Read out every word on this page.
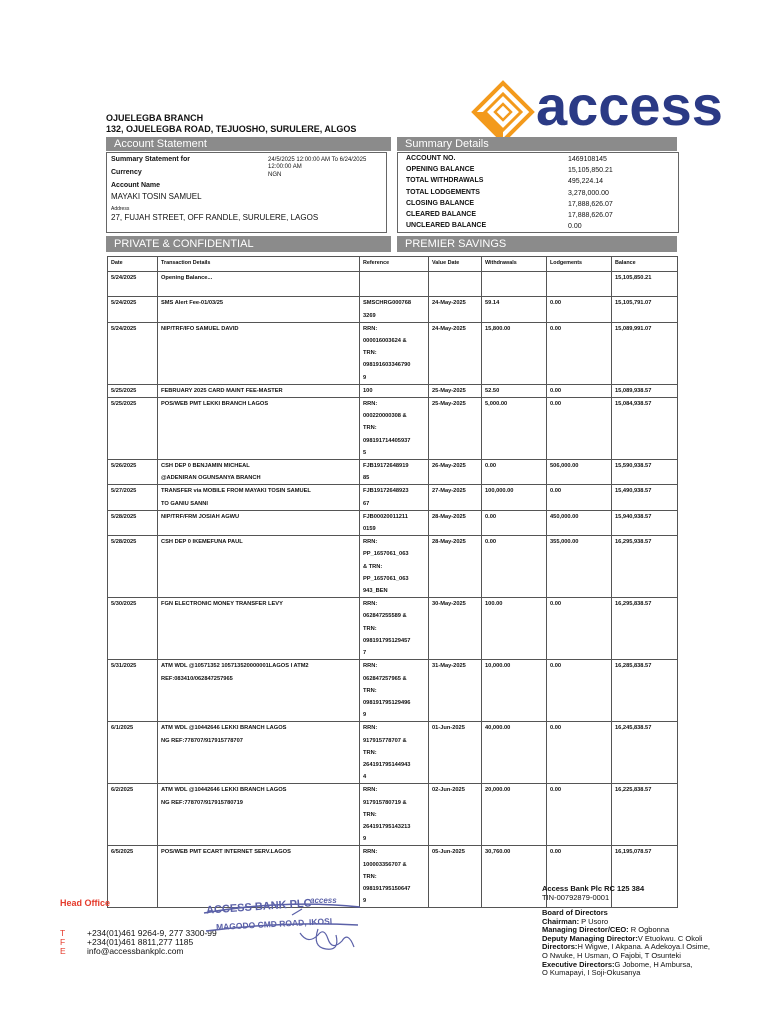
access
OJUELEGBA BRANCH
132, OJUELEGBA ROAD, TEJUOSHO, SURULERE, ALGOS
Account Statement
Summary Statement for	24/5/2025 12:00:00 AM To 6/24/2025 12:00:00 AM
Currency	NGN
Account Name
MAYAKI TOSIN SAMUEL
Address
27, FUJAH STREET, OFF RANDLE, SURULERE, LAGOS
Summary Details
ACCOUNT NO.	1469108145
OPENING BALANCE	15,105,850.21
TOTAL WITHDRAWALS	495,224.14
TOTAL LODGEMENTS	3,278,000.00
CLOSING BALANCE	17,888,626.07
CLEARED BALANCE	17,888,626.07
UNCLEARED BALANCE	0.00
PRIVATE & CONFIDENTIAL	PREMIER SAVINGS
Date	Transaction Details	Reference	Value Date	Withdrawals	Lodgements	Balance

5/24/2025	Opening Balance...					15,105,850.21

5/24/2025	SMS Alert Fee-01/03/25	SMSCHRG000768
3269	24-May-2025	59.14	0.00	15,105,791.07

5/24/2025	NIP/TRF/IFO SAMUEL DAVID	RRN:
000016003624 &
TRN:
098191603346790
9	24-May-2025	15,800.00	0.00	15,089,991.07

5/25/2025	FEBRUARY 2025 CARD MAINT FEE-MASTER	100	25-May-2025	52.50	0.00	15,089,938.57

5/25/2025	POS/WEB PMT LEKKI BRANCH LAGOS	RRN:
000220000308 &
TRN:
098191714405937
5	25-May-2025	5,000.00	0.00	15,084,938.57

5/26/2025	CSH DEP 0 BENJAMIN MICHEAL
@ADENIRAN OGUNSANYA BRANCH	FJB19172648919
85	26-May-2025	0.00	506,000.00	15,590,938.57

5/27/2025	TRANSFER via MOBILE FROM MAYAKI TOSIN SAMUEL
TO GANIU SANNI	FJB19172648923
67	27-May-2025	100,000.00	0.00	15,490,938.57

5/28/2025	NIP/TRF/FRM JOSIAH AGWU	FJB00020011211
0159	28-May-2025	0.00	450,000.00	15,940,938.57

5/28/2025	CSH DEP 0 IKEMEFUNA PAUL	RRN:
PP_1657061_063
& TRN:
PP_1657061_063
943_BEN	28-May-2025	0.00	355,000.00	16,295,938.57

5/30/2025	FGN ELECTRONIC MONEY TRANSFER LEVY	RRN:
062847255589 &
TRN:
098191795129457
7	30-May-2025	100.00	0.00	16,295,838.57

5/31/2025	ATM WDL @10571352 105713520000001LAGOS I ATM2
REF:083410/062847257965	RRN:
062847257965 &
TRN:
098191795129496
9	31-May-2025	10,000.00	0.00	16,285,838.57

6/1/2025	ATM WDL @10442646 LEKKI BRANCH LAGOS
NG REF:778707/917915778707	RRN:
917915778707 &
TRN:
264191795144943
4	01-Jun-2025	40,000.00	0.00	16,245,838.57

6/2/2025	ATM WDL @10442646 LEKKI BRANCH LAGOS
NG REF:778707/917915780719	RRN:
917915780719 &
TRN:
264191795143213
9	02-Jun-2025	20,000.00	0.00	16,225,838.57

6/5/2025	POS/WEB PMT ECART INTERNET SERV.LAGOS	RRN:
100003356707 &
TRN:
098191795150647
9	05-Jun-2025	30,760.00	0.00	16,195,078.57
Head Office
T	+234(01)461 9264-9, 277 3300-99
F	+234(01)461 8811,277 1185
E	info@accessbankplc.com
ACCESS BANK PLC
access
MAGODO CMD ROAD, IKOSI
Access Bank Plc RC 125 384
TIN-00792879-0001
Board of Directors
Chairman: P Usoro
Managing Director/CEO: R Ogbonna
Deputy Managing Director:V Etuokwu. C Okoli
Directors:H Wigwe, I Akpana. A Adekoya.I Osime,
O Nwuke, H Usman, O Fajobi, T Osunteki
Executive Directors:G Jobome, H Ambursa,
O Kumapayi, I Soji-Okusanya
